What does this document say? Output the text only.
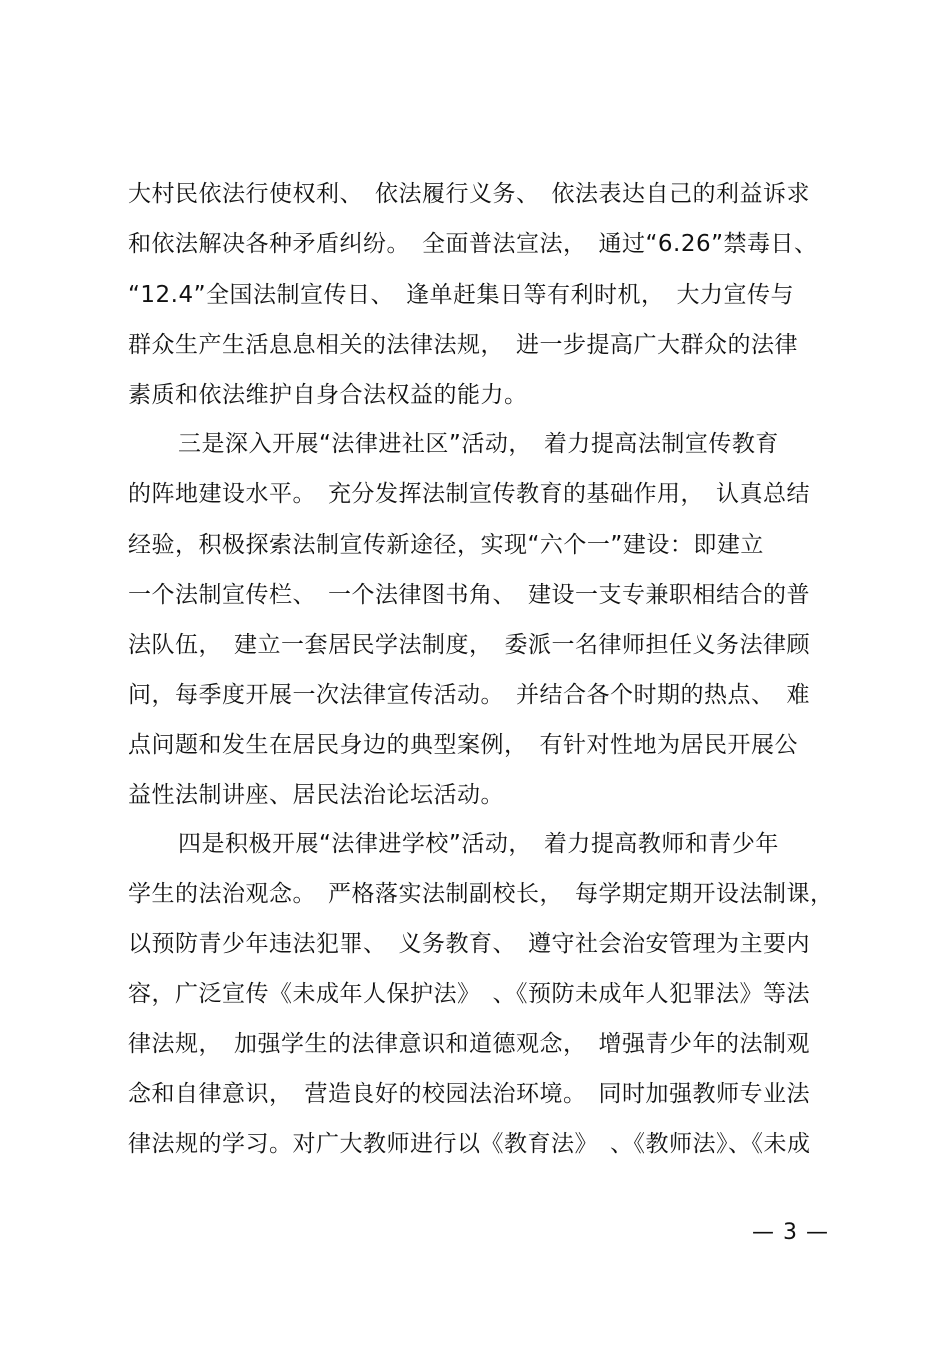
大村民依法行使权利、　依法履行义务、　依法表达自己的利益诉求
和依法解决各种矛盾纠纷。　全面普法宣法，　通过“6.26”禁毒日、
“12.4”全国法制宣传日、　逢单赶集日等有利时机，　大力宣传与
群众生产生活息息相关的法律法规，　进一步提高广大群众的法律
素质和依法维护自身合法权益的能力。
三是深入开展“法律进社区”活动，　着力提高法制宣传教育
的阵地建设水平。　充分发挥法制宣传教育的基础作用，　认真总结
经验，积极探索法制宣传新途径，实现“六个一”建设：即建立
一个法制宣传栏、　一个法律图书角、　建设一支专兼职相结合的普
法队伍，　建立一套居民学法制度，　委派一名律师担任义务法律顾
问，每季度开展一次法律宣传活动。　并结合各个时期的热点、　难
点问题和发生在居民身边的典型案例，　有针对性地为居民开展公
益性法制讲座、居民法治论坛活动。
四是积极开展“法律进学校”活动，　着力提高教师和青少年
学生的法治观念。　严格落实法制副校长，　每学期定期开设法制课，
以预防青少年违法犯罪、　义务教育、　遵守社会治安管理为主要内
容，广泛宣传《未成年人保护法》　、《预防未成年人犯罪法》等法
律法规，　加强学生的法律意识和道德观念，　增强青少年的法制观
念和自律意识，　营造良好的校园法治环境。　同时加强教师专业法
律法规的学习。对广大教师进行以《教育法》　、《教师法》、《未成
— 3 —
